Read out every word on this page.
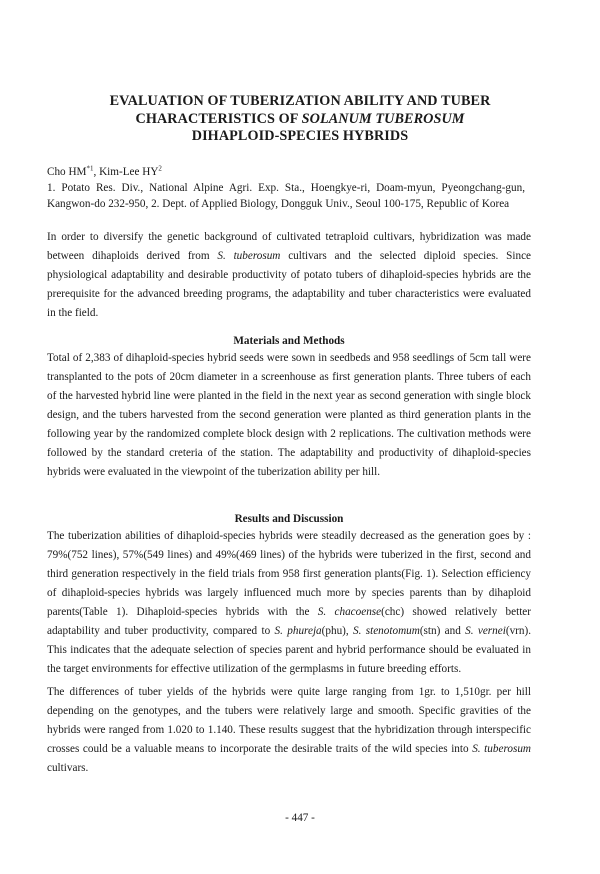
EVALUATION OF TUBERIZATION ABILITY AND TUBER
CHARACTERISTICS OF SOLANUM TUBEROSUM
DIHAPLOID-SPECIES HYBRIDS
Cho HM$^{*1}$, Kim-Lee $HY^2$
1. Potato Res. Div., National Alpine Agri. Exp. Sta., Hoengkye-ri, Doam-myun, Pyeongchang-gun, Kangwon-do 232-950, 2. Dept. of Applied Biology, Dongguk Univ., Seoul 100-175, Republic of Korea
In order to diversify the genetic background of cultivated tetraploid cultivars, hybridization was made between dihaploids derived from S. tuberosum cultivars and the selected diploid species. Since physiological adaptability and desirable productivity of potato tubers of dihaploid-species hybrids are the prerequisite for the advanced breeding programs, the adaptability and tuber characteristics were evaluated in the field.
Materials and Methods
Total of 2,383 of dihaploid-species hybrid seeds were sown in seedbeds and 958 seedlings of 5cm tall were transplanted to the pots of 20cm diameter in a screenhouse as first generation plants. Three tubers of each of the harvested hybrid line were planted in the field in the next year as second generation with single block design, and the tubers harvested from the second generation were planted as third generation plants in the following year by the randomized complete block design with 2 replications. The cultivation methods were followed by the standard creteria of the station. The adaptability and productivity of dihaploid-species hybrids were evaluated in the viewpoint of the tuberization ability per hill.
Results and Discussion
The tuberization abilities of dihaploid-species hybrids were steadily decreased as the generation goes by : 79%(752 lines), 57%(549 lines) and 49%(469 lines) of the hybrids were tuberized in the first, second and third generation respectively in the field trials from 958 first generation plants(Fig. 1). Selection efficiency of dihaploid-species hybrids was largely influenced much more by species parents than by dihaploid parents(Table 1). Dihaploid-species hybrids with the S. chacoense(chc) showed relatively better adaptability and tuber productivity, compared to S. phureja(phu), S. stenotomum(stn) and S. vernei(vrn). This indicates that the adequate selection of species parent and hybrid performance should be evaluated in the target environments for effective utilization of the germplasms in future breeding efforts.
The differences of tuber yields of the hybrids were quite large ranging from 1gr. to 1,510gr. per hill depending on the genotypes, and the tubers were relatively large and smooth. Specific gravities of the hybrids were ranged from 1.020 to 1.140. These results suggest that the hybridization through interspecific crosses could be a valuable means to incorporate the desirable traits of the wild species into S. tuberosum cultivars.
- 447 -
